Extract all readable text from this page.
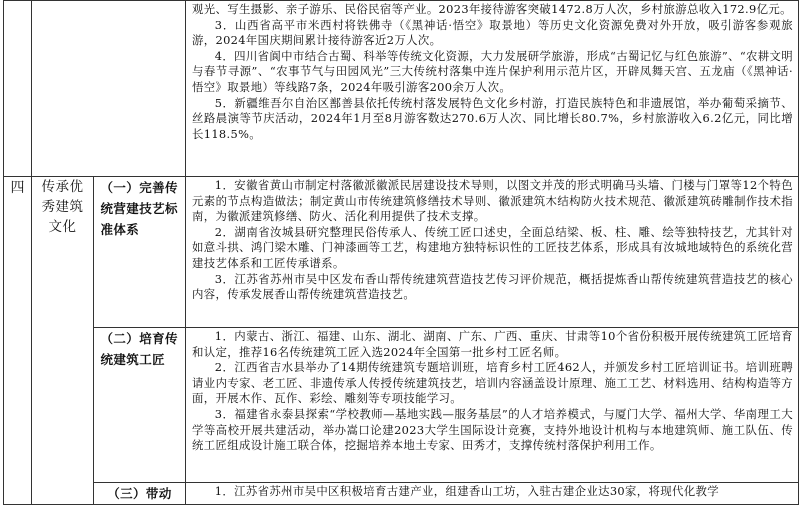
			观光、写生摄影、亲子游乐、民俗民宿等产业。2023年接待游客突破1472.8万人次，乡村旅游总收入172.9亿元。

3．山西省高平市米西村将铁佛寺（《黑神话·悟空》取景地）等历史文化资源免费对外开放，吸引游客参观旅游，2024年国庆期间累计接待游客近2万人次。

4．四川省阆中市结合古蜀、科举等传统文化资源，大力发展研学旅游，形成“古蜀记忆与红色旅游”、“农耕文明与春节寻源”、“农事节气与田园风光”三大传统村落集中连片保护利用示范片区，开辟凤舞天宫、五龙庙（《黑神话·悟空》取景地）等线路7条，2024年吸引游客200余万人次。

5．新疆维吾尔自治区鄯善县依托传统村落发展特色文化乡村游，打造民族特色和非遗展馆，举办葡萄采摘节、丝路晨演等节庆活动，2024年1月至8月游客数达270.6万人次、同比增长80.7%，乡村旅游收入6.2亿元，同比增长118.5%。

四	传承优秀建筑文化	（一）完善传统营建技艺标准体系	1．安徽省黄山市制定村落徽派徽派民居建设技术导则，以图文并茂的形式明确马头墙、门楼与门罩等12个特色元素的节点构造做法；制定黄山市传统建筑修缮技术导则、徽派建筑木结构防火技术规范、徽派建筑砖雕制作技术指南，为徽派建筑修缮、防火、活化利用提供了技术支撑。

2．湖南省汝城县研究整理民俗传承人、传统工匠口述史，全面总结梁、板、柱、雕、绘等独特技艺，尤其针对如意斗拱、鸿门梁木雕、门神漆画等工艺，构建地方独特标识性的工匠技艺体系，形成具有汝城地域特色的系统化营建技艺体系和工匠传承谱系。

3．江苏省苏州市吴中区发布香山帮传统建筑营造技艺传习评价规范，概括提炼香山帮传统建筑营造技艺的核心内容，传承发展香山帮传统建筑营造技艺。

		（二）培育传统建筑工匠	1．内蒙古、浙江、福建、山东、湖北、湖南、广东、广西、重庆、甘肃等10个省份积极开展传统建筑工匠培育和认定，推荐16名传统建筑工匠入选2024年全国第一批乡村工匠名师。

2．江西省吉水县举办了14期传统建筑专题培训班，培育乡村工匠462人，并颁发乡村工匠培训证书。培训班聘请业内专家、老工匠、非遗传承人传授传统建筑技艺，培训内容涵盖设计原理、施工工艺、材料选用、结构构造等方面，开展木作、瓦作、彩绘、雕刻等专项技能学习。

3．福建省永泰县探索“学校教师—基地实践—服务基层”的人才培养模式，与厦门大学、福州大学、华南理工大学等高校开展共建活动，举办嵩口论建2023大学生国际设计竞赛，支持外地设计机构与本地建筑师、施工队伍、传统工匠组成设计施工联合体，挖掘培养本地土专家、田秀才，支撑传统村落保护利用工作。

		（三）带动	1．江苏省苏州市吴中区积极培育古建产业，组建香山工坊，入驻古建企业达30家，将现代化教学
